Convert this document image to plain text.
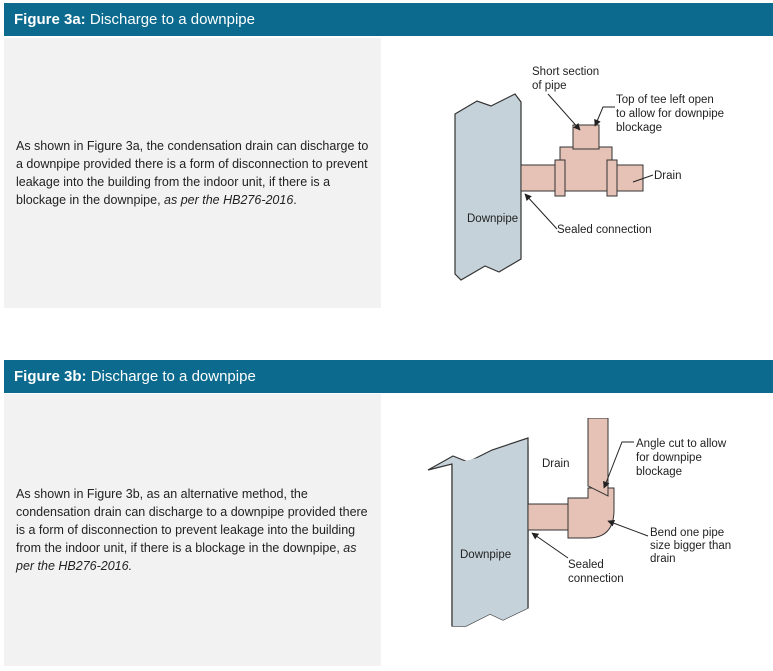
Figure 3a: Discharge to a downpipe

As shown in Figure 3a, the condensation drain can discharge to a downpipe provided there is a form of disconnection to prevent leakage into the building from the indoor unit, if there is a blockage in the downpipe, as per the HB276-2016.

Downpipe
Short section
of pipe
Top of tee left open
to allow for downpipe
blockage
Drain
Sealed connection
Figure 3b: Discharge to a downpipe

As shown in Figure 3b, as an alternative method, the condensation drain can discharge to a downpipe provided there is a form of disconnection to prevent leakage into the building from the indoor unit, if there is a blockage in the downpipe, as per the HB276-2016.

Downpipe
Drain
Angle cut to allow
for downpipe
blockage
Bend one pipe
size bigger than
drain
Sealed
connection
